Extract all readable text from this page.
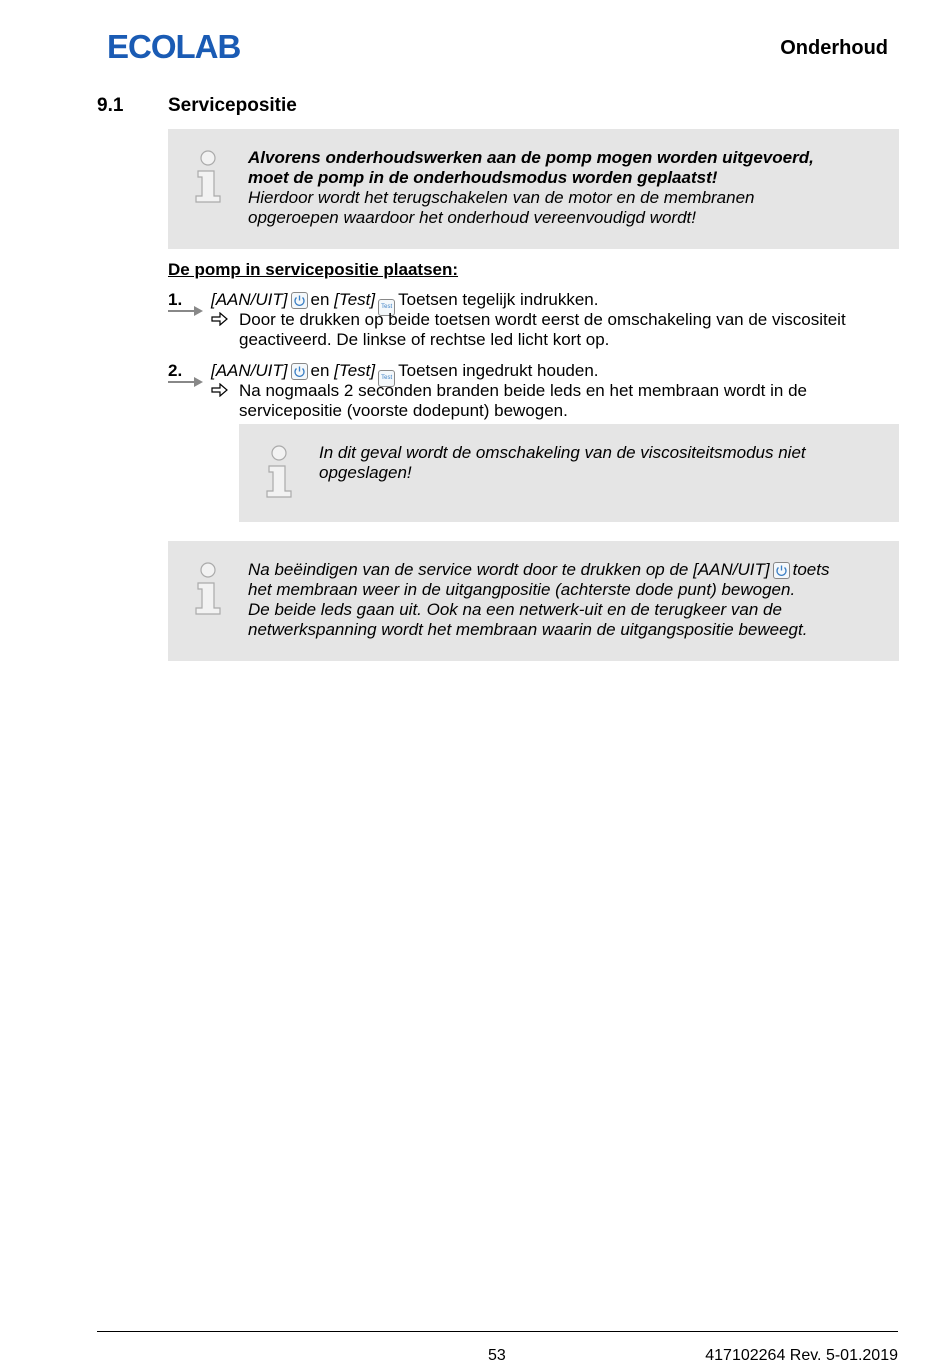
ECOLAB	Onderhoud
9.1 Servicepositie
Alvorens onderhoudswerken aan de pomp mogen worden uitgevoerd,
moet de pomp in de onderhoudsmodus worden geplaatst!
Hierdoor wordt het terugschakelen van de motor en de membranen
opgeroepen waardoor het onderhoud vereenvoudigd wordt!
De pomp in servicepositie plaatsen:
1.	[AAN/UIT] en [Test] Test Toetsen tegelijk indrukken.
Door te drukken op beide toetsen wordt eerst de omschakeling van de viscositeit
geactiveerd. De linkse of rechtse led licht kort op.
2.	[AAN/UIT] en [Test] Test Toetsen ingedrukt houden.
Na nogmaals 2 seconden branden beide leds en het membraan wordt in de
servicepositie (voorste dodepunt) bewogen.
In dit geval wordt de omschakeling van de viscositeitsmodus niet
opgeslagen!
Na beëindigen van de service wordt door te drukken op de [AAN/UIT] toets
het membraan weer in de uitgangpositie (achterste dode punt) bewogen.
De beide leds gaan uit. Ook na een netwerk-uit en de terugkeer van de
netwerkspanning wordt het membraan waarin de uitgangspositie beweegt.
53	417102264 Rev. 5-01.2019
